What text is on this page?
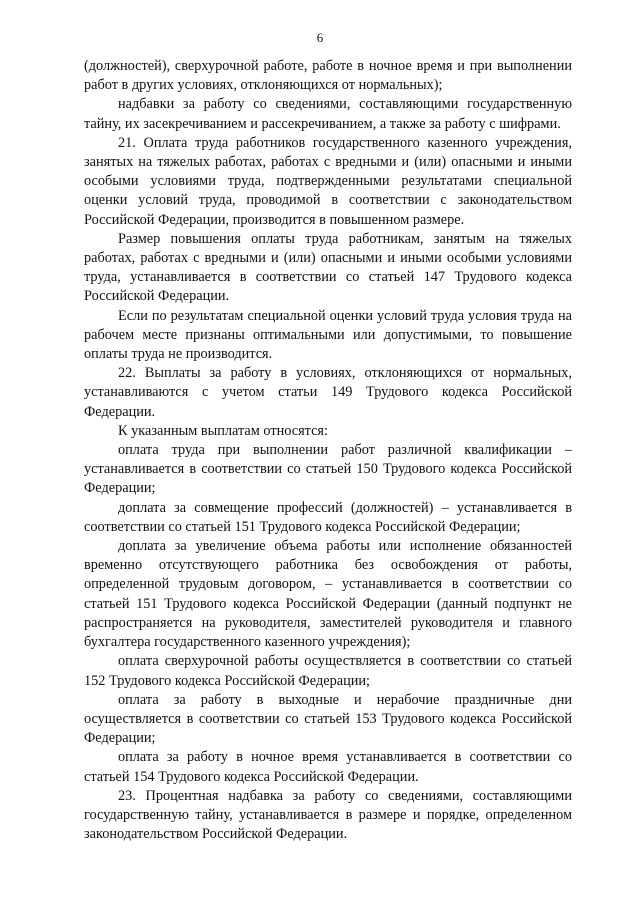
6

(должностей), сверхурочной работе, работе в ночное время и при выполнении работ в других условиях, отклоняющихся от нормальных);

надбавки за работу со сведениями, составляющими государственную тайну, их засекречиванием и рассекречиванием, а также за работу с шифрами.

21. Оплата труда работников государственного казенного учреждения, занятых на тяжелых работах, работах с вредными и (или) опасными и иными особыми условиями труда, подтвержденными результатами специальной оценки условий труда, проводимой в соответствии с законодательством Российской Федерации, производится в повышенном размере.

Размер повышения оплаты труда работникам, занятым на тяжелых работах, работах с вредными и (или) опасными и иными особыми условиями труда, устанавливается в соответствии со статьей 147 Трудового кодекса Российской Федерации.

Если по результатам специальной оценки условий труда условия труда на рабочем месте признаны оптимальными или допустимыми, то повышение оплаты труда не производится.

22. Выплаты за работу в условиях, отклоняющихся от нормальных, устанавливаются с учетом статьи 149 Трудового кодекса Российской Федерации.

К указанным выплатам относятся:

оплата труда при выполнении работ различной квалификации – устанавливается в соответствии со статьей 150 Трудового кодекса Российской Федерации;

доплата за совмещение профессий (должностей) – устанавливается в соответствии со статьей 151 Трудового кодекса Российской Федерации;

доплата за увеличение объема работы или исполнение обязанностей временно отсутствующего работника без освобождения от работы, определенной трудовым договором, – устанавливается в соответствии со статьей 151 Трудового кодекса Российской Федерации (данный подпункт не распространяется на руководителя, заместителей руководителя и главного бухгалтера государственного казенного учреждения);

оплата сверхурочной работы осуществляется в соответствии со статьей 152 Трудового кодекса Российской Федерации;

оплата за работу в выходные и нерабочие праздничные дни осуществляется в соответствии со статьей 153 Трудового кодекса Российской Федерации;

оплата за работу в ночное время устанавливается в соответствии со статьей 154 Трудового кодекса Российской Федерации.

23. Процентная надбавка за работу со сведениями, составляющими государственную тайну, устанавливается в размере и порядке, определенном законодательством Российской Федерации.
